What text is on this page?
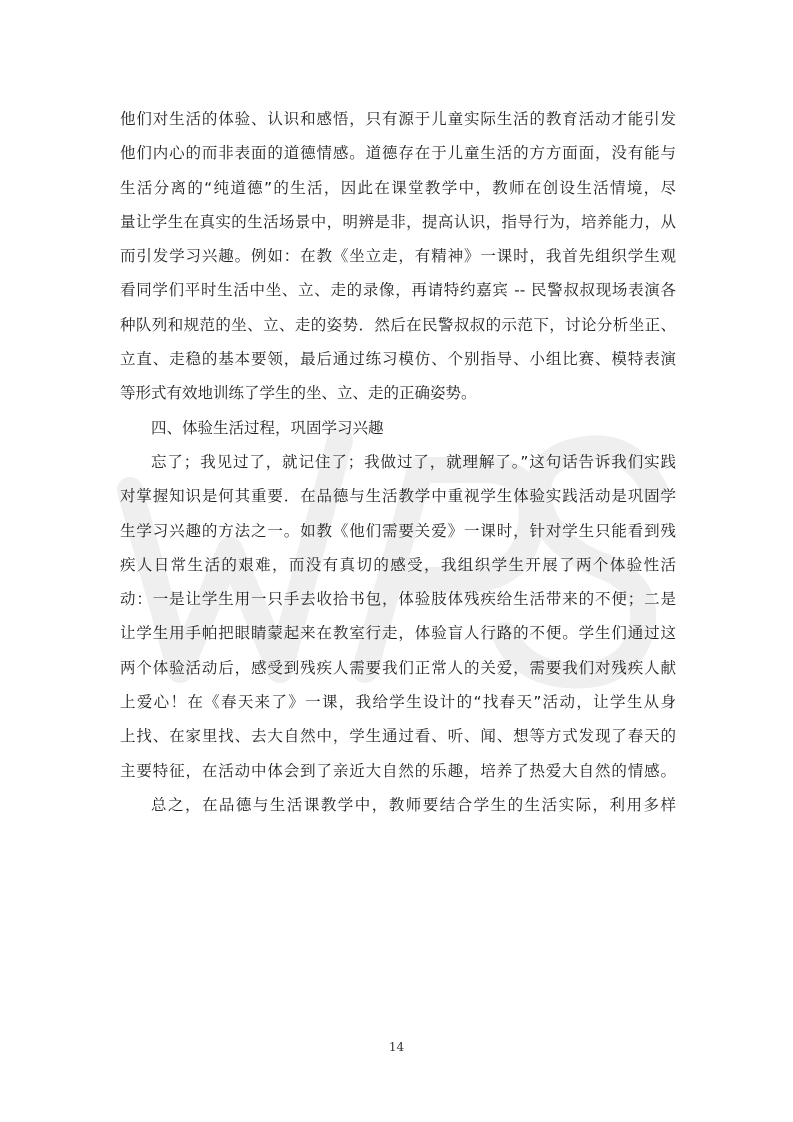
他们对生活的体验、认识和感悟，只有源于儿童实际生活的教育活动才能引发
他们内心的而非表面的道德情感。道德存在于儿童生活的方方面面，没有能与
生活分离的“纯道德”的生活，因此在课堂教学中，教师在创设生活情境，尽
量让学生在真实的生活场景中，明辨是非，提高认识，指导行为，培养能力，从
而引发学习兴趣。例如：在教《坐立走，有精神》一课时，我首先组织学生观
看同学们平时生活中坐、立、走的录像，再请特约嘉宾 -- 民警叔叔现场表演各
种队列和规范的坐、立、走的姿势．然后在民警叔叔的示范下，讨论分析坐正、
立直、走稳的基本要领，最后通过练习模仿、个别指导、小组比赛、模特表演
等形式有效地训练了学生的坐、立、走的正确姿势。
四、体验生活过程，巩固学习兴趣
忘了；我见过了，就记住了；我做过了，就理解了。”这句话告诉我们实践
对掌握知识是何其重要．在品德与生活教学中重视学生体验实践活动是巩固学
生学习兴趣的方法之一。如教《他们需要关爱》一课时，针对学生只能看到残
疾人日常生活的艰难，而没有真切的感受，我组织学生开展了两个体验性活
动：一是让学生用一只手去收拾书包，体验肢体残疾给生活带来的不便；二是
让学生用手帕把眼睛蒙起来在教室行走，体验盲人行路的不便。学生们通过这
两个体验活动后，感受到残疾人需要我们正常人的关爱，需要我们对残疾人献
上爱心！在《春天来了》一课，我给学生设计的“找春天”活动，让学生从身
上找、在家里找、去大自然中，学生通过看、听、闻、想等方式发现了春天的
主要特征，在活动中体会到了亲近大自然的乐趣，培养了热爱大自然的情感。
总之，在品德与生活课教学中，教师要结合学生的生活实际，利用多样
14
